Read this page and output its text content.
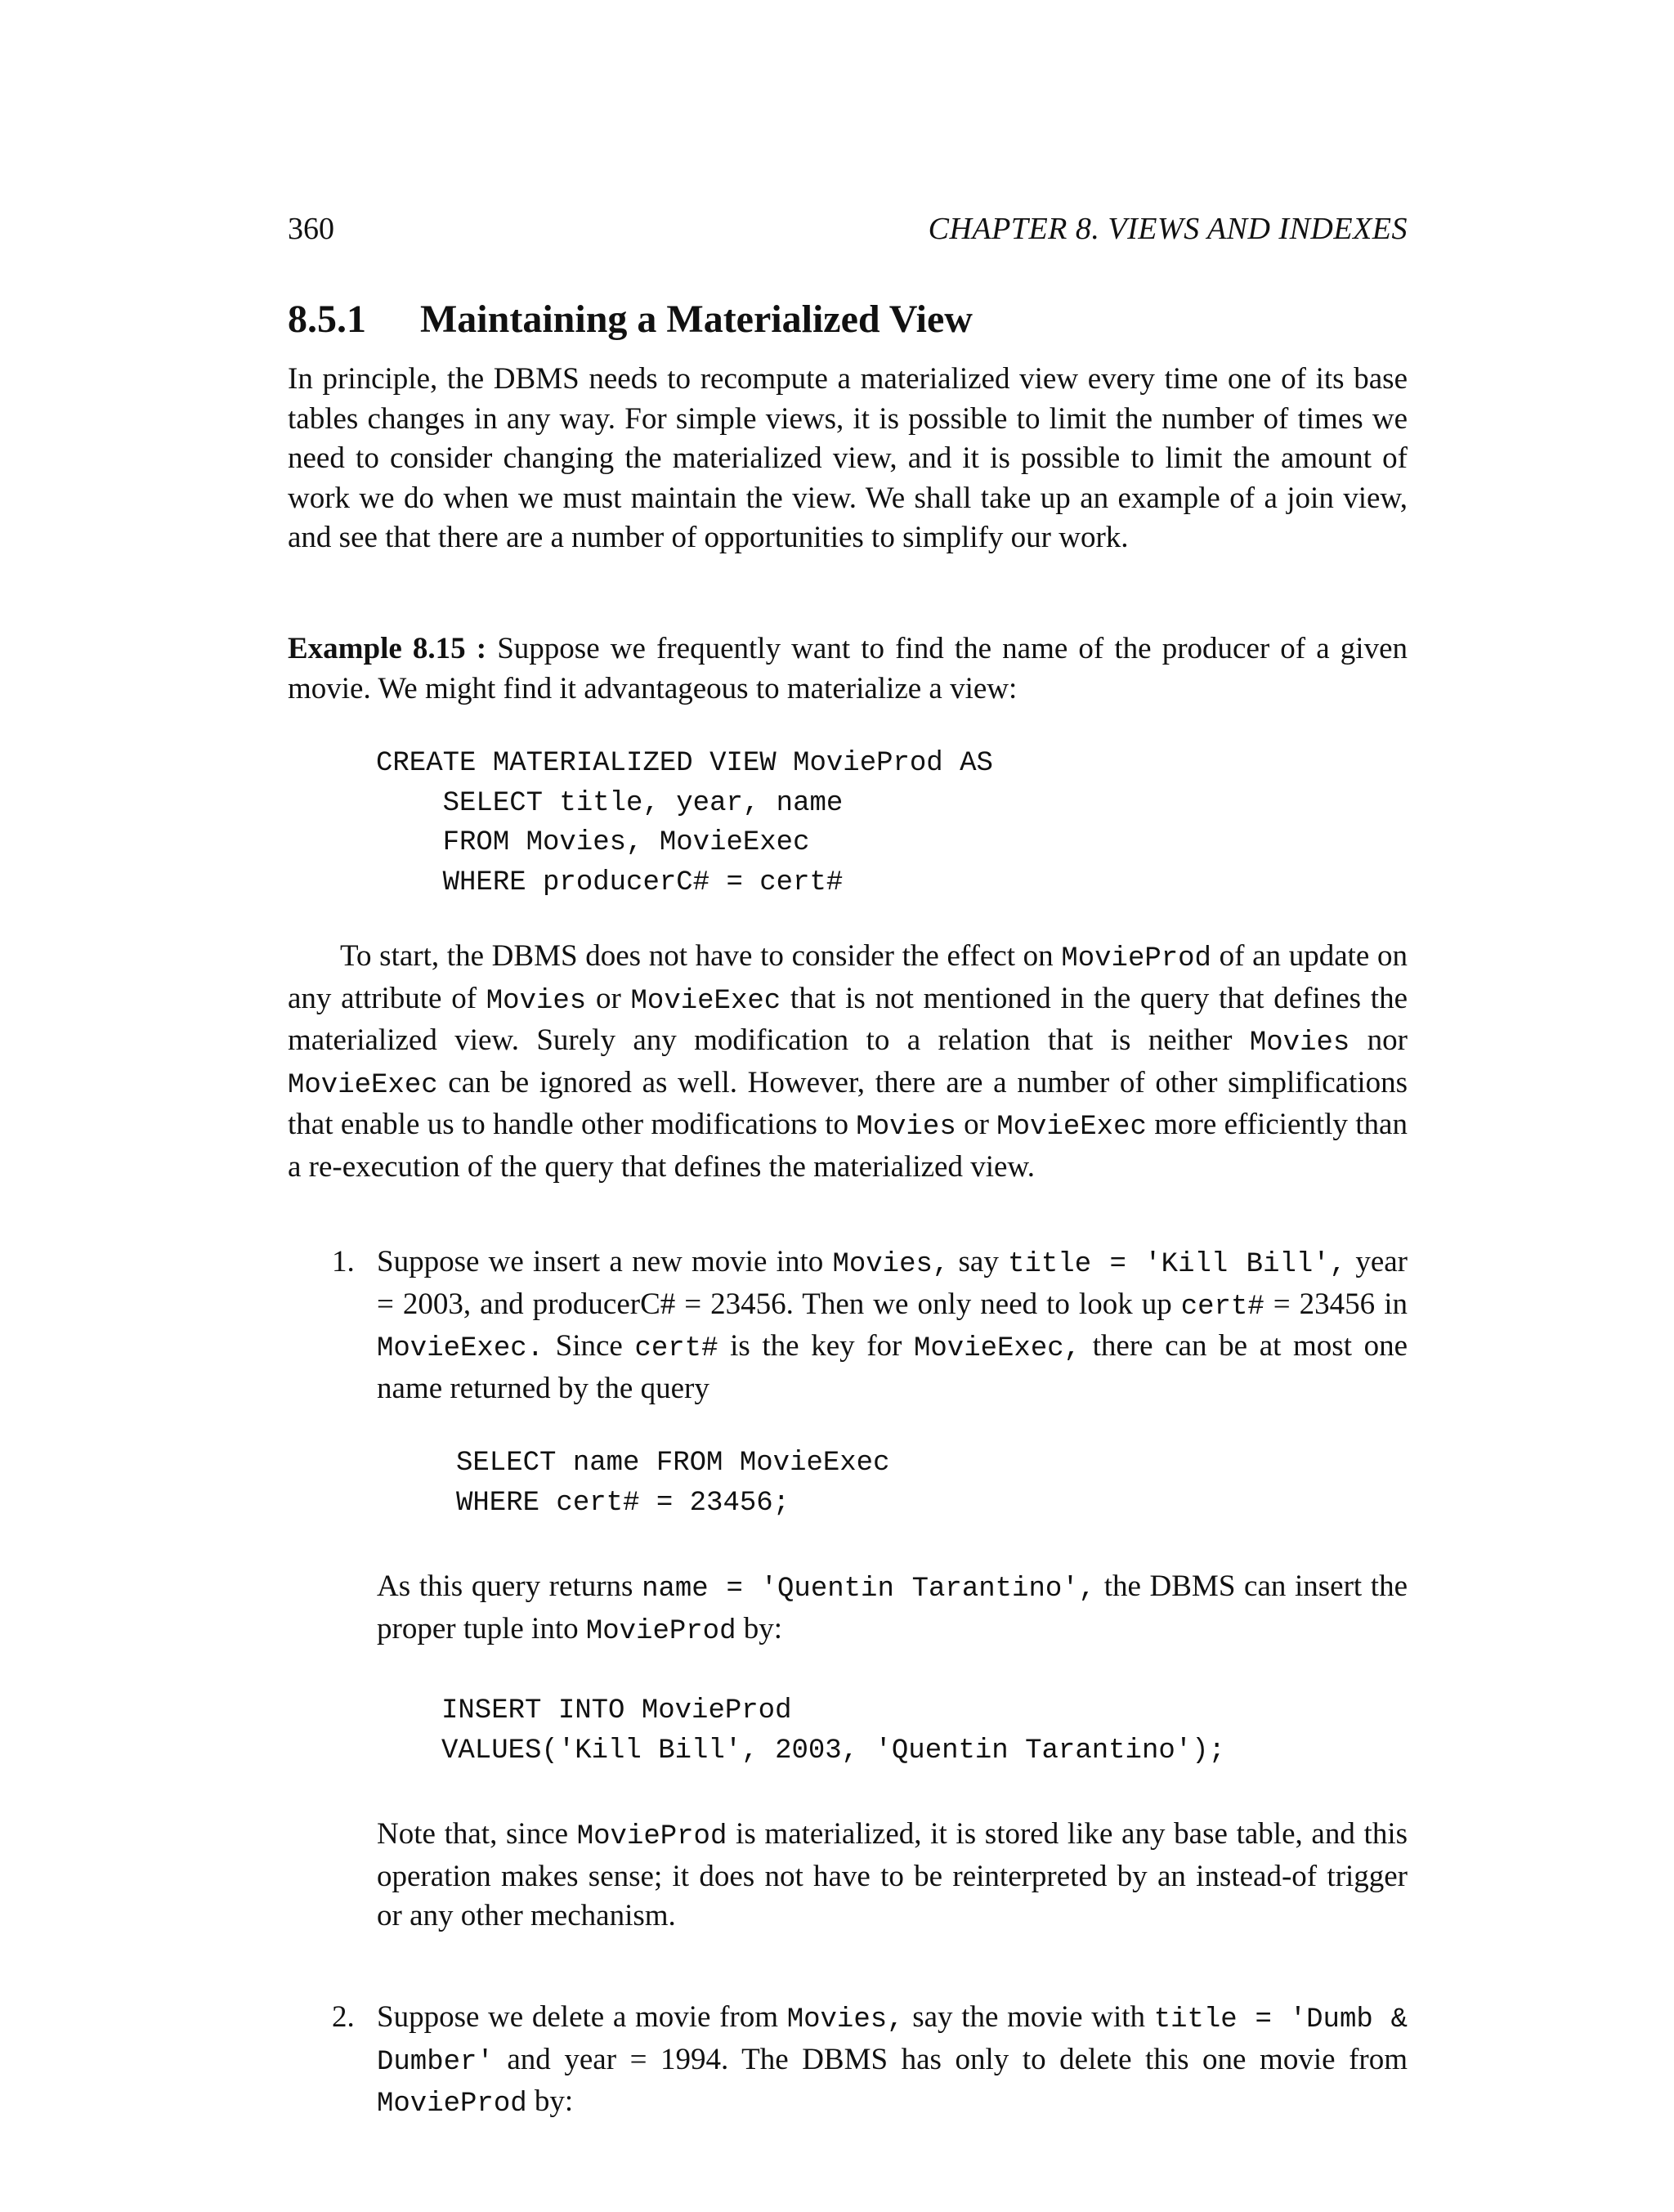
360	CHAPTER 8. VIEWS AND INDEXES
8.5.1 Maintaining a Materialized View

In principle, the DBMS needs to recompute a materialized view every time one of its base tables changes in any way. For simple views, it is possible to limit the number of times we need to consider changing the materialized view, and it is possible to limit the amount of work we do when we must maintain the view. We shall take up an example of a join view, and see that there are a number of opportunities to simplify our work.

Example 8.15 : Suppose we frequently want to find the name of the producer of a given movie. We might find it advantageous to materialize a view:

CREATE MATERIALIZED VIEW MovieProd AS
SELECT title, year, name
FROM Movies, MovieExec
WHERE producerC# = cert#

To start, the DBMS does not have to consider the effect on MovieProd of an update on any attribute of Movies or MovieExec that is not mentioned in the query that defines the materialized view. Surely any modification to a relation that is neither Movies nor MovieExec can be ignored as well. However, there are a number of other simplifications that enable us to handle other modifications to Movies or MovieExec more efficiently than a re-execution of the query that defines the materialized view.

1. Suppose we insert a new movie into Movies, say title = 'Kill Bill', year = 2003, and producerC# = 23456. Then we only need to look up cert# = 23456 in MovieExec. Since cert# is the key for MovieExec, there can be at most one name returned by the query

SELECT name FROM MovieExec
WHERE cert# = 23456;

As this query returns name = 'Quentin Tarantino', the DBMS can insert the proper tuple into MovieProd by:

INSERT INTO MovieProd
VALUES('Kill Bill', 2003, 'Quentin Tarantino');

Note that, since MovieProd is materialized, it is stored like any base table, and this operation makes sense; it does not have to be reinterpreted by an instead-of trigger or any other mechanism.

2. Suppose we delete a movie from Movies, say the movie with title = 'Dumb & Dumber' and year = 1994. The DBMS has only to delete this one movie from MovieProd by:
